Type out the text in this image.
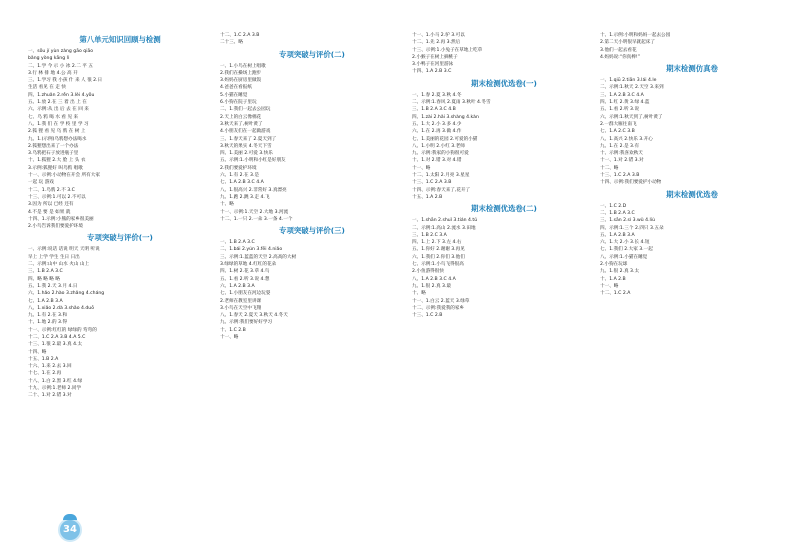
第八单元知识回顾与检测
一、sǒu jí yùn zàng gāo qiāo
bǎng yòng kāng lì
二、1.学 今 示 小 冰 2.二 平 五
3.行 林 排 地 4.公 高 开
三、1.学习 我 小孩 什 来 人 很 2.日
生活 看见 在 走 快
四、1.zhuǎn 2.rěn 3.lèi 4.yǒu
五、1.放 2.在 三 着 出 上 在
六、示例:从 出 后 去 在 回 来
七、乌 鸦 喝 水 看 见 来
八、1.我 们 在 学 校 里 学 习
2.狐 狸 看 见 乌 鸦 在 树 上
九、1.(示例)乌鸦想办法喝水
2.狐狸想出来了一个办法
3.乌鸦把石子放进瓶子里
十、1.狐狸 2.大 脸 上 头 衣
3.示例:狐狸好 叫乌鸦 唱歌
十一、示例:小动物在开会 所有大家
一起 玩 游戏
十二、1.乌鸦 2.不 3.C
十三、示例:1.可以 2.不可以
3.因为 所以 已经 还有
4.不是 要 是 如果 就
十四、1.示例:小熊的家乡很美丽
2.小鸟告诉我们要爱护环境
专项突破与评价(一)
一、示例:说话 话说 明天 天明 听说
早上 上学 学生 生日 日出
二、示例:山中 山水 火山 山上
三、1.B 2.A 3.C
四、略 略 略 略
五、1.我 2.天 3.月 4.日
六、1.hǎo 2.hào 3.zhǎng 4.cháng
七、1.A 2.B 3.A
八、1.xiǎo 2.dà 3.shǎo 4.duō
九、1.有 2.在 3.和
十、1.地 2.的 3.得
十一、示例:红红的 绿绿的 弯弯的
十二、1.C 2.A 3.B 4.A 5.C
十三、1.很 2.最 3.真 4.太
十四、略
十五、1.B 2.A
十六、1.来 2.去 3.回
十七、1.在 2.再
十八、1.白 2.黑 3.红 4.绿
十九、示例:1.老师 2.同学
二十、1.对 2.错 3.对
十二、1.C 2.A 3.B
二十三、略
专项突破与评价(二)
一、1.小鸟在树上唱歌
2.我们在操场上跑步
3.妈妈在厨房里做饭
4.爸爸在看报纸
5.小猫在睡觉
6.小狗在院子里玩
二、1.我们一起去公园玩
2.天上的白云像棉花
3.秋天来了,树叶黄了
4.小朋友们在一起做游戏
三、1.春天来了 2.夏天到了
3.秋天的果实 4.冬天下雪
四、1.美丽 2.可爱 3.快乐
五、示例:1.小明和小红是好朋友
2.我们要爱护环境
六、1.有 2.在 3.是
七、1.A 2.B 3.C 4.A
八、1.很高兴 2.非常好 3.真漂亮
九、1.跑 2.跳 3.走 4.飞
十、略
十一、示例:1.天空 2.大地 3.河流
十二、1.一只 2.一朵 3.一条 4.一个
专项突破与评价(三)
一、1.B 2.A 3.C
二、1.bái 2.yún 3.fēi 4.niǎo
三、示例:1.蓝蓝的天空 2.高高的大树
3.绿绿的草地 4.红红的花朵
四、1.树 2.花 3.草 4.鸟
五、1.看 2.听 3.说 4.想
六、1.A 2.B 3.A
七、1.小朋友在河边玩耍
2.老师在教室里讲课
3.小鸟在天空中飞翔
八、1.春天 2.夏天 3.秋天 4.冬天
九、示例:我们要好好学习
十、1.C 2.B
十一、略
十一、1.小马 2.驴 3.可以
十二、1.先 2.再 3.然后
十三、示例:1.小兔子在草地上吃草
2.小猴子在树上摘桃子
3.小鸭子在河里游泳
十四、1.A 2.B 3.C
期末检测优选卷(一)
一、1.春 2.夏 3.秋 4.冬
二、示例:1.春风 2.夏雨 3.秋叶 4.冬雪
三、1.B 2.A 3.C 4.B
四、1.zài 2.hǎi 3.shàng 4.kàn
五、1.大 2.小 3.多 4.少
六、1.在 2.再 3.做 4.作
七、1.美丽的花园 2.可爱的小猫
八、1.小明 2.小红 3.老师
九、示例:我家的小狗很可爱
十、1.对 2.错 3.对 4.错
十一、略
十二、1.太阳 2.月亮 3.星星
十三、1.C 2.A 3.B
十四、示例:春天来了,花开了
十五、1.A 2.B
期末检测优选卷(二)
一、1.shān 2.shuǐ 3.tián 4.tǔ
二、示例:1.高山 2.流水 3.田地
三、1.B 2.C 3.A
四、1.上 2.下 3.左 4.右
五、1.你好 2.谢谢 3.再见
六、1.我们 2.你们 3.他们
七、示例:1.小鸟飞得很高
2.小鱼游得很快
八、1.A 2.B 3.C 4.A
九、1.很 2.真 3.最
十、略
十一、1.白云 2.蓝天 3.绿草
十二、示例:我爱我的家乡
十三、1.C 2.B
十、1.示例:小明和妈妈一起去公园
2.第二天小明很早就起床了
3.他们一起去看花
4.妈妈说:“你真棒!”
期末检测仿真卷
一、1.qiū 2.tiān 3.lái 4.le
二、示例:1.秋天 2.天空 3.来到
三、1.A 2.B 3.C 4.A
四、1.红 2.黄 3.绿 4.蓝
五、1.看 2.听 3.说
六、示例:1.秋天到了,树叶黄了
2.一群大雁往南飞
七、1.A 2.C 3.B
八、1.高兴 2.快乐 3.开心
九、1.在 2.是 3.有
十、示例:我喜欢秋天
十一、1.对 2.错 3.对
十二、略
十三、1.C 2.A 3.B
十四、示例:我们要爱护小动物
期末检测优选卷
一、1.C 2.D
二、1.B 2.A 3.C
三、1.sān 2.sì 3.wǔ 4.liù
四、示例:1.三个 2.四只 3.五朵
五、1.A 2.B 3.A
六、1.大 2.小 3.长 4.短
七、1.我们 2.大家 3.一起
八、示例:1.小猫在睡觉
2.小狗在玩球
九、1.很 2.真 3.太
十、1.A 2.B
十一、略
十二、1.C 2.A
34
